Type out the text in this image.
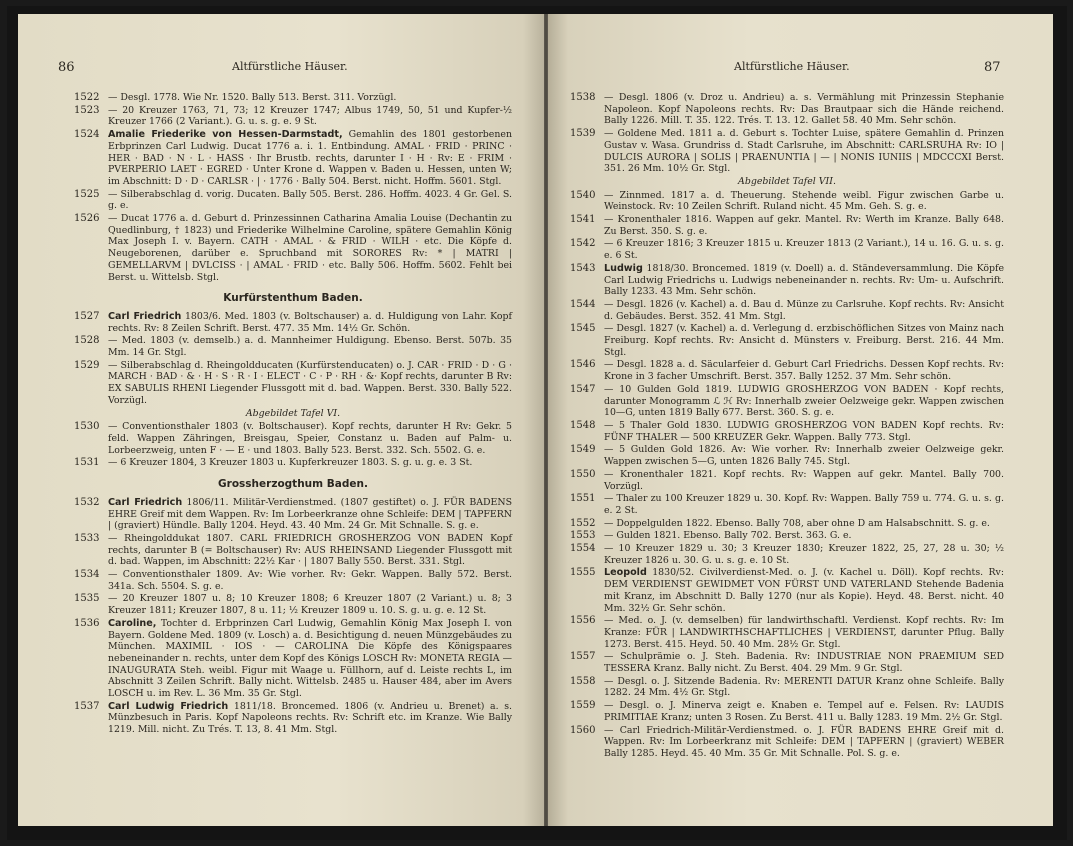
86	Altfürstliche Häuser.
1522 — Desgl. 1778. Wie Nr. 1520. Bally 513. Berst. 311. Vorzügl.
1523 — 20 Kreuzer 1763, 71, 73; 12 Kreuzer 1747; Albus 1749, 50, 51 und Kupfer-½ Kreuzer 1766 (2 Variant.). G. u. s. g. e. 9 St.
1524 Amalie Friederike von Hessen-Darmstadt, Gemahlin des 1801 gestorbenen Erbprinzen Carl Ludwig. Ducat 1776 a. i. 1. Entbindung. AMAL · FRID · PRINC · HER · BAD · N · L · HASS · Ihr Brustb. rechts, darunter I · H · Rv: E · FRIM · PVERPERIO LAET · EGRED · Unter Krone d. Wappen v. Baden u. Hessen, unten W; im Abschnitt: D · D · CARLSR · | · 1776 · Bally 504. Berst. nicht. Hoffm. 5601. Stgl.
1525 — Silberabschlag d. vorig. Ducaten. Bally 505. Berst. 286. Hoffm. 4023. 4 Gr. Gel. S. g. e.
1526 — Ducat 1776 a. d. Geburt d. Prinzessinnen Catharina Amalia Louise (Dechantin zu Quedlinburg, † 1823) und Friederike Wilhelmine Caroline, spätere Gemahlin König Max Joseph I. v. Bayern. CATH · AMAL · & FRID · WILH · etc. Die Köpfe d. Neugeborenen, darüber e. Spruchband mit SORORES Rv: * | MATRI | GEMELLARVM | DVLCISS · | AMAL · FRID · etc. Bally 506. Hoffm. 5602. Fehlt bei Berst. u. Wittelsb. Stgl.
Kurfürstenthum Baden.
1527 Carl Friedrich 1803/6. Med. 1803 (v. Boltschauser) a. d. Huldigung von Lahr. Kopf rechts. Rv: 8 Zeilen Schrift. Berst. 477. 35 Mm. 14½ Gr. Schön.
1528 — Med. 1803 (v. demselb.) a. d. Mannheimer Huldigung. Ebenso. Berst. 507b. 35 Mm. 14 Gr. Stgl.
1529 — Silberabschlag d. Rheingoldducaten (Kurfürstenducaten) o. J. CAR · FRID · D · G · MARCH · BAD · & · H · S · R · I · ELECT · C · P · RH · &· Kopf rechts, darunter B Rv: EX SABULIS RHENI Liegender Flussgott mit d. bad. Wappen. Berst. 330. Bally 522. Vorzügl.
Abgebildet Tafel VI.
1530 — Conventionsthaler 1803 (v. Boltschauser). Kopf rechts, darunter H Rv: Gekr. 5 feld. Wappen Zähringen, Breisgau, Speier, Constanz u. Baden auf Palm- u. Lorbeerzweig, unten F · — E · und 1803. Bally 523. Berst. 332. Sch. 5502. G. e.
1531 — 6 Kreuzer 1804, 3 Kreuzer 1803 u. Kupferkreuzer 1803. S. g. u. g. e. 3 St.
Grossherzogthum Baden.
1532 Carl Friedrich 1806/11. Militär-Verdienstmed. (1807 gestiftet) o. J. FÜR BADENS EHRE Greif mit dem Wappen. Rv: Im Lorbeerkranze ohne Schleife: DEM | TAPFERN | (graviert) Hündle. Bally 1204. Heyd. 43. 40 Mm. 24 Gr. Mit Schnalle. S. g. e.
1533 — Rheingolddukat 1807. CARL FRIEDRICH GROSHERZOG VON BADEN Kopf rechts, darunter B (= Boltschauser) Rv: AUS RHEINSAND Liegender Flussgott mit d. bad. Wappen, im Abschnitt: 22½ Kar · | 1807 Bally 550. Berst. 331. Stgl.
1534 — Conventionsthaler 1809. Av: Wie vorher. Rv: Gekr. Wappen. Bally 572. Berst. 341a. Sch. 5504. S. g. e.
1535 — 20 Kreuzer 1807 u. 8; 10 Kreuzer 1808; 6 Kreuzer 1807 (2 Variant.) u. 8; 3 Kreuzer 1811; Kreuzer 1807, 8 u. 11; ½ Kreuzer 1809 u. 10. S. g. u. g. e. 12 St.
1536 Caroline, Tochter d. Erbprinzen Carl Ludwig, Gemahlin König Max Joseph I. von Bayern. Goldene Med. 1809 (v. Losch) a. d. Besichtigung d. neuen Münzgebäudes zu München. MAXIMIL · IOS · — CAROLINA Die Köpfe des Königspaares nebeneinander n. rechts, unter dem Kopf des Königs LOSCH Rv: MONETA REGIA — INAUGURATA Steh. weibl. Figur mit Waage u. Füllhorn, auf d. Leiste rechts L, im Abschnitt 3 Zeilen Schrift. Bally nicht. Wittelsb. 2485 u. Hauser 484, aber im Avers LOSCH u. im Rev. L. 36 Mm. 35 Gr. Stgl.
1537 Carl Ludwig Friedrich 1811/18. Broncemed. 1806 (v. Andrieu u. Brenet) a. s. Münzbesuch in Paris. Kopf Napoleons rechts. Rv: Schrift etc. im Kranze. Wie Bally 1219. Mill. nicht. Zu Trés. T. 13, 8. 41 Mm. Stgl.
Altfürstliche Häuser.	87
1538 — Desgl. 1806 (v. Droz u. Andrieu) a. s. Vermählung mit Prinzessin Stephanie Napoleon. Kopf Napoleons rechts. Rv: Das Brautpaar sich die Hände reichend. Bally 1226. Mill. T. 35. 122. Trés. T. 13. 12. Gallet 58. 40 Mm. Sehr schön.
1539 — Goldene Med. 1811 a. d. Geburt s. Tochter Luise, spätere Gemahlin d. Prinzen Gustav v. Wasa. Grundriss d. Stadt Carlsruhe, im Abschnitt: CARLSRUHA Rv: IO | DULCIS AURORA | SOLIS | PRAENUNTIA | — | NONIS IUNIIS | MDCCCXI Berst. 351. 26 Mm. 10½ Gr. Stgl.
Abgebildet Tafel VII.
1540 — Zinnmed. 1817 a. d. Theuerung. Stehende weibl. Figur zwischen Garbe u. Weinstock. Rv: 10 Zeilen Schrift. Ruland nicht. 45 Mm. Geh. S. g. e.
1541 — Kronenthaler 1816. Wappen auf gekr. Mantel. Rv: Werth im Kranze. Bally 648. Zu Berst. 350. S. g. e.
1542 — 6 Kreuzer 1816; 3 Kreuzer 1815 u. Kreuzer 1813 (2 Variant.), 14 u. 16. G. u. s. g. e. 6 St.
1543 Ludwig 1818/30. Broncemed. 1819 (v. Doell) a. d. Ständeversammlung. Die Köpfe Carl Ludwig Friedrichs u. Ludwigs nebeneinander n. rechts. Rv: Um- u. Aufschrift. Bally 1233. 43 Mm. Sehr schön.
1544 — Desgl. 1826 (v. Kachel) a. d. Bau d. Münze zu Carlsruhe. Kopf rechts. Rv: Ansicht d. Gebäudes. Berst. 352. 41 Mm. Stgl.
1545 — Desgl. 1827 (v. Kachel) a. d. Verlegung d. erzbischöflichen Sitzes von Mainz nach Freiburg. Kopf rechts. Rv: Ansicht d. Münsters v. Freiburg. Berst. 216. 44 Mm. Stgl.
1546 — Desgl. 1828 a. d. Säcularfeier d. Geburt Carl Friedrichs. Dessen Kopf rechts. Rv: Krone in 3 facher Umschrift. Berst. 357. Bally 1252. 37 Mm. Sehr schön.
1547 — 10 Gulden Gold 1819. LUDWIG GROSHERZOG VON BADEN · Kopf rechts, darunter Monogramm ℒ ℋ Rv: Innerhalb zweier Oelzweige gekr. Wappen zwischen 10—G, unten 1819 Bally 677. Berst. 360. S. g. e.
1548 — 5 Thaler Gold 1830. LUDWIG GROSHERZOG VON BADEN Kopf rechts. Rv: FÜNF THALER — 500 KREUZER Gekr. Wappen. Bally 773. Stgl.
1549 — 5 Gulden Gold 1826. Av: Wie vorher. Rv: Innerhalb zweier Oelzweige gekr. Wappen zwischen 5—G, unten 1826 Bally 745. Stgl.
1550 — Kronenthaler 1821. Kopf rechts. Rv: Wappen auf gekr. Mantel. Bally 700. Vorzügl.
1551 — Thaler zu 100 Kreuzer 1829 u. 30. Kopf. Rv: Wappen. Bally 759 u. 774. G. u. s. g. e. 2 St.
1552 — Doppelgulden 1822. Ebenso. Bally 708, aber ohne D am Halsabschnitt. S. g. e.
1553 — Gulden 1821. Ebenso. Bally 702. Berst. 363. G. e.
1554 — 10 Kreuzer 1829 u. 30; 3 Kreuzer 1830; Kreuzer 1822, 25, 27, 28 u. 30; ½ Kreuzer 1826 u. 30. G. u. s. g. e. 10 St.
1555 Leopold 1830/52. Civilverdienst-Med. o. J. (v. Kachel u. Döll). Kopf rechts. Rv: DEM VERDIENST GEWIDMET VON FÜRST UND VATERLAND Stehende Badenia mit Kranz, im Abschnitt D. Bally 1270 (nur als Kopie). Heyd. 48. Berst. nicht. 40 Mm. 32½ Gr. Sehr schön.
1556 — Med. o. J. (v. demselben) für landwirthschaftl. Verdienst. Kopf rechts. Rv: Im Kranze: FÜR | LANDWIRTHSCHAFTLICHES | VERDIENST, darunter Pflug. Bally 1273. Berst. 415. Heyd. 50. 40 Mm. 28½ Gr. Stgl.
1557 — Schulprämie o. J. Steh. Badenia. Rv: INDUSTRIAE NON PRAEMIUM SED TESSERA Kranz. Bally nicht. Zu Berst. 404. 29 Mm. 9 Gr. Stgl.
1558 — Desgl. o. J. Sitzende Badenia. Rv: MERENTI DATUR Kranz ohne Schleife. Bally 1282. 24 Mm. 4½ Gr. Stgl.
1559 — Desgl. o. J. Minerva zeigt e. Knaben e. Tempel auf e. Felsen. Rv: LAUDIS PRIMITIAE Kranz; unten 3 Rosen. Zu Berst. 411 u. Bally 1283. 19 Mm. 2½ Gr. Stgl.
1560 — Carl Friedrich-Militär-Verdienstmed. o. J. FÜR BADENS EHRE Greif mit d. Wappen. Rv: Im Lorbeerkranz mit Schleife: DEM | TAPFERN | (graviert) WEBER Bally 1285. Heyd. 45. 40 Mm. 35 Gr. Mit Schnalle. Pol. S. g. e.
